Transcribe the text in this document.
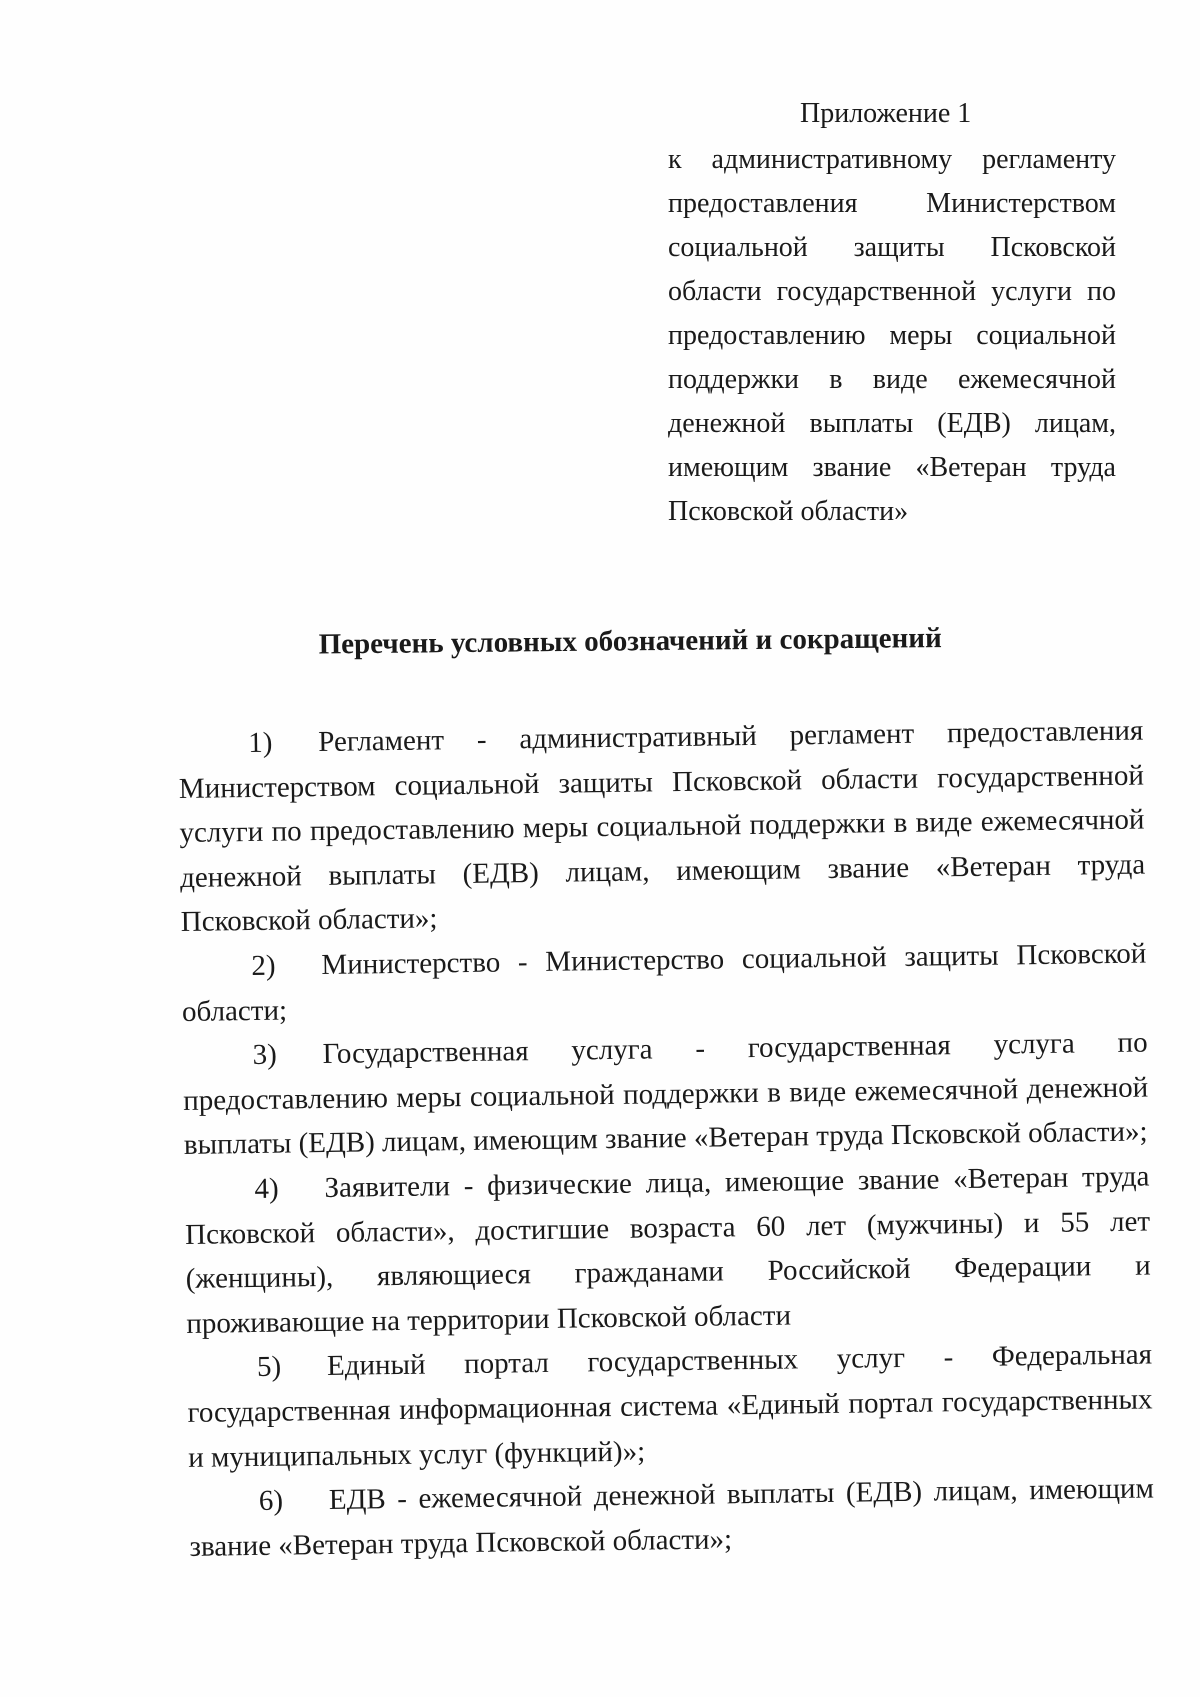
Приложение 1
к административному регламенту предоставления Министерством социальной защиты Псковской области государственной услуги по предоставлению меры социальной поддержки в виде ежемесячной денежной выплаты (ЕДВ) лицам, имеющим звание «Ветеран труда Псковской области»
Перечень условных обозначений и сокращений

1) Регламент - административный регламент предоставления Министерством социальной защиты Псковской области государственной услуги по предоставлению меры социальной поддержки в виде ежемесячной денежной выплаты (ЕДВ) лицам, имеющим звание «Ветеран труда Псковской области»;

2) Министерство - Министерство социальной защиты Псковской области;

3) Государственная услуга - государственная услуга по предоставлению меры социальной поддержки в виде ежемесячной денежной выплаты (ЕДВ) лицам, имеющим звание «Ветеран труда Псковской области»;

4) Заявители - физические лица, имеющие звание «Ветеран труда Псковской области», достигшие возраста 60 лет (мужчины) и 55 лет (женщины), являющиеся гражданами Российской Федерации и проживающие на территории Псковской области

5) Единый портал государственных услуг - Федеральная государственная информационная система «Единый портал государственных и муниципальных услуг (функций)»;

6) ЕДВ - ежемесячной денежной выплаты (ЕДВ) лицам, имеющим звание «Ветеран труда Псковской области»;
